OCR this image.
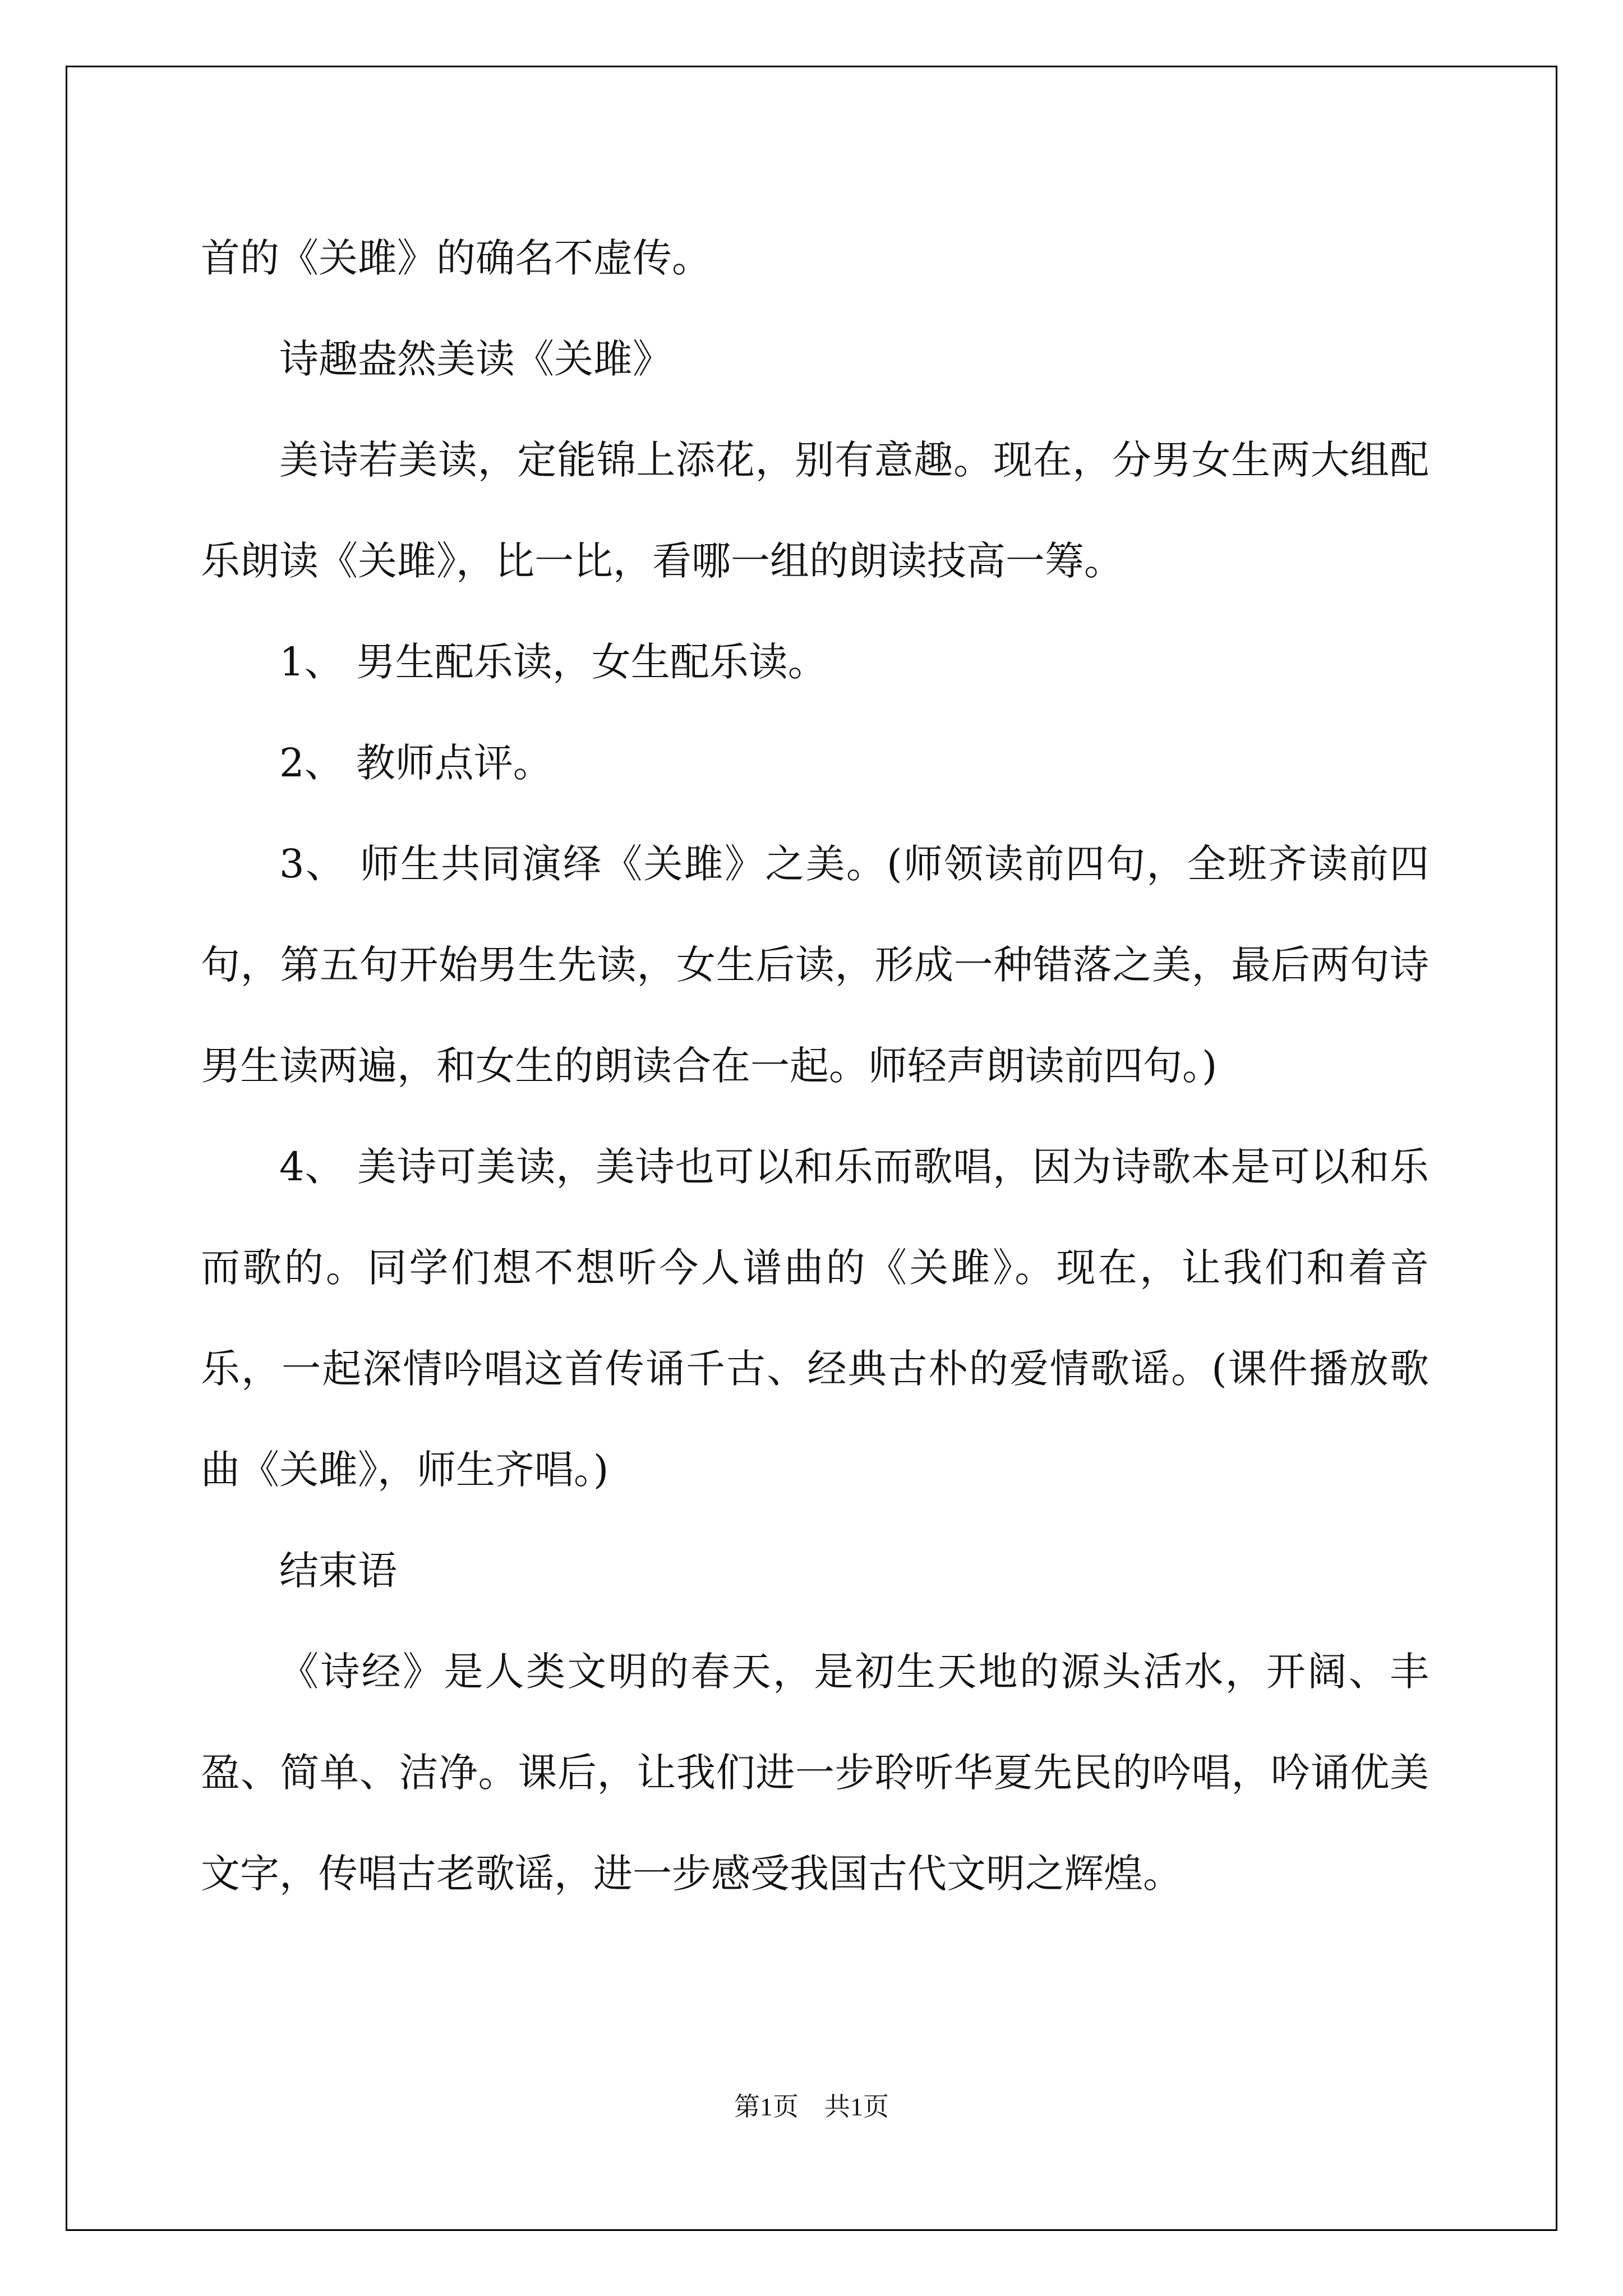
首的《关雎》的确名不虚传。

诗趣盎然美读《关雎》

美诗若美读，定能锦上添花，别有意趣。现在，分男女生两大组配乐朗读《关雎》，比一比，看哪一组的朗读技高一筹。

1、 男生配乐读，女生配乐读。

2、 教师点评。

3、 师生共同演绎《关雎》之美。(师领读前四句，全班齐读前四句，第五句开始男生先读，女生后读，形成一种错落之美，最后两句诗男生读两遍，和女生的朗读合在一起。师轻声朗读前四句。)

4、 美诗可美读，美诗也可以和乐而歌唱，因为诗歌本是可以和乐而歌的。同学们想不想听今人谱曲的《关雎》。现在，让我们和着音乐，一起深情吟唱这首传诵千古、经典古朴的爱情歌谣。(课件播放歌曲《关雎》，师生齐唱。)

结束语

《诗经》是人类文明的春天，是初生天地的源头活水，开阔、丰盈、简单、洁净。课后，让我们进一步聆听华夏先民的吟唱，吟诵优美文字，传唱古老歌谣，进一步感受我国古代文明之辉煌。

第1页　共1页
